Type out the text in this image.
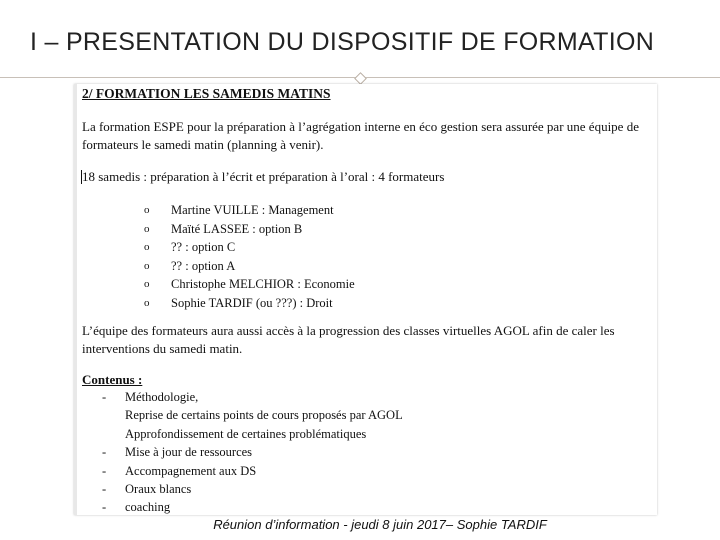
I – PRESENTATION DU DISPOSITIF DE FORMATION
2/ FORMATION LES SAMEDIS MATINS
La formation ESPE pour la préparation à l’agrégation interne en éco gestion sera assurée par une équipe de formateurs le samedi matin (planning à venir).
18 samedis : préparation à l’écrit et préparation à l’oral : 4 formateurs
o Martine VUILLE : Management
o Maïté LASSEE : option B
o ?? : option C
o ?? : option A
o Christophe MELCHIOR : Economie
o Sophie TARDIF (ou ???) : Droit
L’équipe des formateurs aura aussi accès à la progression des classes virtuelles AGOL afin de caler les interventions du samedi matin.
Contenus :
- Méthodologie,
Reprise de certains points de cours proposés par AGOL
Approfondissement de certaines problématiques
- Mise à jour de ressources
- Accompagnement aux DS
- Oraux blancs
- coaching
Réunion d’information - jeudi 8 juin 2017– Sophie TARDIF
